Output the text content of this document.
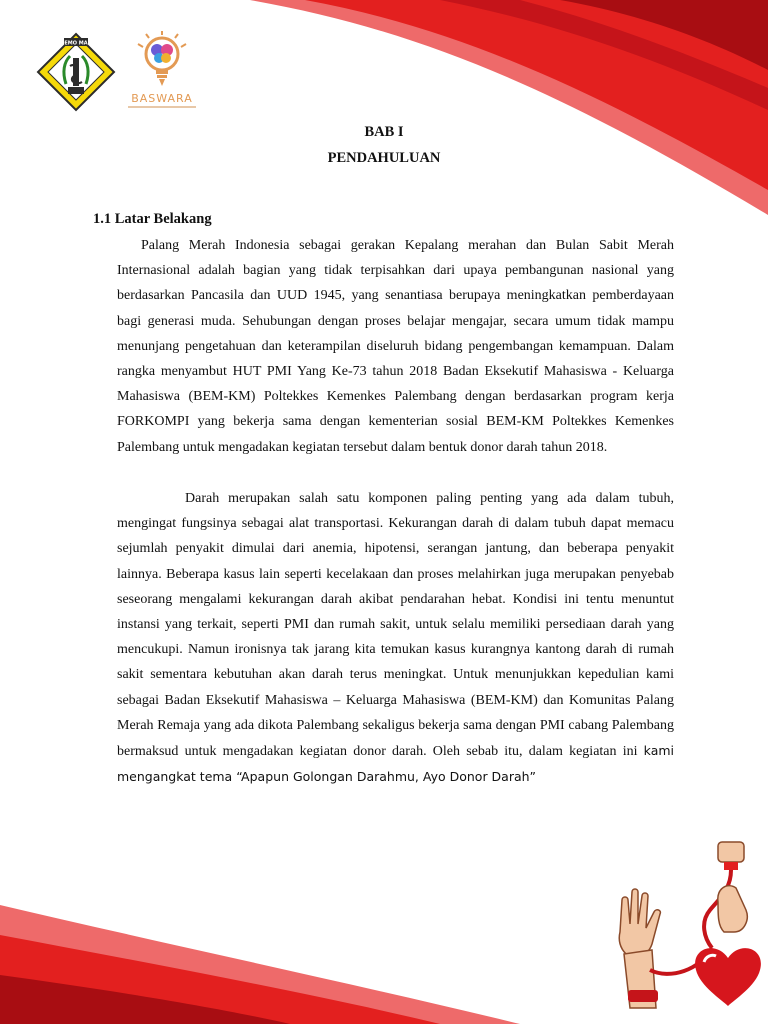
DEMO MAN
BASWARA
BAB I
PENDAHULUAN
1.1 Latar Belakang

Palang Merah Indonesia sebagai gerakan Kepalang merahan dan Bulan Sabit Merah Internasional adalah bagian yang tidak terpisahkan dari upaya pembangunan nasional yang berdasarkan Pancasila dan UUD 1945, yang senantiasa berupaya meningkatkan pemberdayaan bagi generasi muda. Sehubungan dengan proses belajar mengajar, secara umum tidak mampu menunjang pengetahuan dan keterampilan diseluruh bidang pengembangan kemampuan. Dalam rangka menyambut HUT PMI Yang Ke-73 tahun 2018 Badan Eksekutif Mahasiswa - Keluarga Mahasiswa (BEM-KM) Poltekkes Kemenkes Palembang dengan berdasarkan program kerja FORKOMPI yang bekerja sama dengan kementerian sosial BEM-KM Poltekkes Kemenkes Palembang untuk mengadakan kegiatan tersebut dalam bentuk donor darah tahun 2018.

Darah merupakan salah satu komponen paling penting yang ada dalam tubuh, mengingat fungsinya sebagai alat transportasi. Kekurangan darah di dalam tubuh dapat memacu sejumlah penyakit dimulai dari anemia, hipotensi, serangan jantung, dan beberapa penyakit lainnya. Beberapa kasus lain seperti kecelakaan dan proses melahirkan juga merupakan penyebab seseorang mengalami kekurangan darah akibat pendarahan hebat. Kondisi ini tentu menuntut instansi yang terkait, seperti PMI dan rumah sakit, untuk selalu memiliki persediaan darah yang mencukupi. Namun ironisnya tak jarang kita temukan kasus kurangnya kantong darah di rumah sakit sementara kebutuhan akan darah terus meningkat. Untuk menunjukkan kepedulian kami sebagai Badan Eksekutif Mahasiswa – Keluarga Mahasiswa (BEM-KM) dan Komunitas Palang Merah Remaja yang ada dikota Palembang sekaligus bekerja sama dengan PMI cabang Palembang bermaksud untuk mengadakan kegiatan donor darah. Oleh sebab itu, dalam kegiatan ini kami mengangkat tema “Apapun Golongan Darahmu, Ayo Donor Darah”
